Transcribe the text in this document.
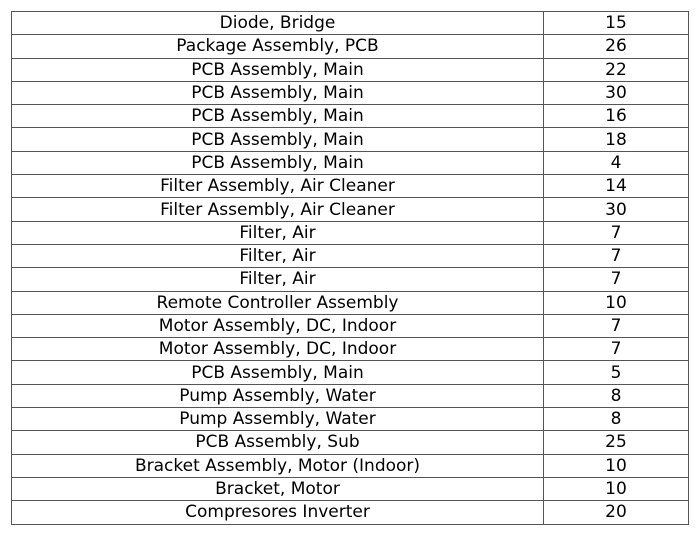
Diode, Bridge	15
Package Assembly, PCB	26
PCB Assembly, Main	22
PCB Assembly, Main	30
PCB Assembly, Main	16
PCB Assembly, Main	18
PCB Assembly, Main	4
Filter Assembly, Air Cleaner	14
Filter Assembly, Air Cleaner	30
Filter, Air	7
Filter, Air	7
Filter, Air	7
Remote Controller Assembly	10
Motor Assembly, DC, Indoor	7
Motor Assembly, DC, Indoor	7
PCB Assembly, Main	5
Pump Assembly, Water	8
Pump Assembly, Water	8
PCB Assembly, Sub	25
Bracket Assembly, Motor (Indoor)	10
Bracket, Motor	10
Compresores Inverter	20
